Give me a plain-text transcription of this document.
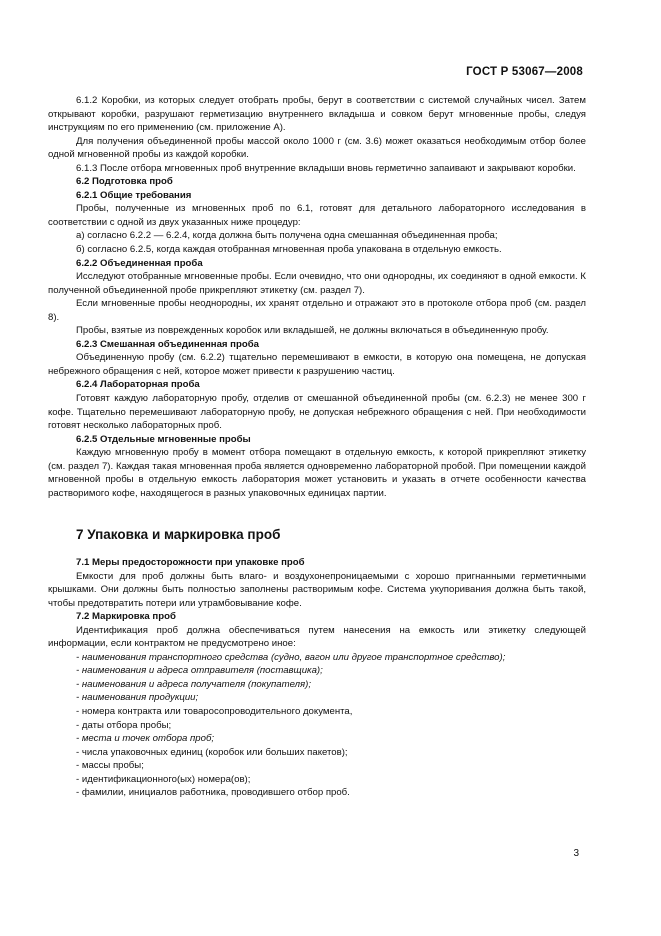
ГОСТ Р 53067—2008

6.1.2 Коробки, из которых следует отобрать пробы, берут в соответствии с системой случайных чисел. Затем открывают коробки, разрушают герметизацию внутреннего вкладыша и совком берут мгновенные пробы, следуя инструкциям по его применению (см. приложение А).

Для получения объединенной пробы массой около 1000 г (см. 3.6) может оказаться необходимым отбор более одной мгновенной пробы из каждой коробки.

6.1.3 После отбора мгновенных проб внутренние вкладыши вновь герметично запаивают и закрывают коробки.

6.2 Подготовка проб

6.2.1 Общие требования

Пробы, полученные из мгновенных проб по 6.1, готовят для детального лабораторного исследования в соответствии с одной из двух указанных ниже процедур:

а) согласно 6.2.2 — 6.2.4, когда должна быть получена одна смешанная объединенная проба;

б) согласно 6.2.5, когда каждая отобранная мгновенная проба упакована в отдельную емкость.

6.2.2 Объединенная проба

Исследуют отобранные мгновенные пробы. Если очевидно, что они однородны, их соединяют в одной емкости. К полученной объединенной пробе прикрепляют этикетку (см. раздел 7).

Если мгновенные пробы неоднородны, их хранят отдельно и отражают это в протоколе отбора проб (см. раздел 8).

Пробы, взятые из поврежденных коробок или вкладышей, не должны включаться в объединенную пробу.

6.2.3 Смешанная объединенная проба

Объединенную пробу (см. 6.2.2) тщательно перемешивают в емкости, в которую она помещена, не допуская небрежного обращения с ней, которое может привести к разрушению частиц.

6.2.4 Лабораторная проба

Готовят каждую лабораторную пробу, отделив от смешанной объединенной пробы (см. 6.2.3) не менее 300 г кофе. Тщательно перемешивают лабораторную пробу, не допуская небрежного обращения с ней. При необходимости готовят несколько лабораторных проб.

6.2.5 Отдельные мгновенные пробы

Каждую мгновенную пробу в момент отбора помещают в отдельную емкость, к которой прикрепляют этикетку (см. раздел 7). Каждая такая мгновенная проба является одновременно лабораторной пробой. При помещении каждой мгновенной пробы в отдельную емкость лаборатория может установить и указать в отчете особенности качества растворимого кофе, находящегося в разных упаковочных единицах партии.

7 Упаковка и маркировка проб

7.1 Меры предосторожности при упаковке проб

Емкости для проб должны быть влаго- и воздухонепроницаемыми с хорошо пригнанными герметичными крышками. Они должны быть полностью заполнены растворимым кофе. Система укупоривания должна быть такой, чтобы предотвратить потери или утрамбовывание кофе.

7.2 Маркировка проб

Идентификация проб должна обеспечиваться путем нанесения на емкость или этикетку следующей информации, если контрактом не предусмотрено иное:

- наименования транспортного средства (судно, вагон или другое транспортное средство);

- наименования и адреса отправителя (поставщика);

- наименования и адреса получателя (покупателя);

- наименования продукции;

- номера контракта или товаросопроводительного документа,

- даты отбора пробы;

- места и точек отбора проб;

- числа упаковочных единиц (коробок или больших пакетов);

- массы пробы;

- идентификационного(ых) номера(ов);

- фамилии, инициалов работника, проводившего отбор проб.

3
